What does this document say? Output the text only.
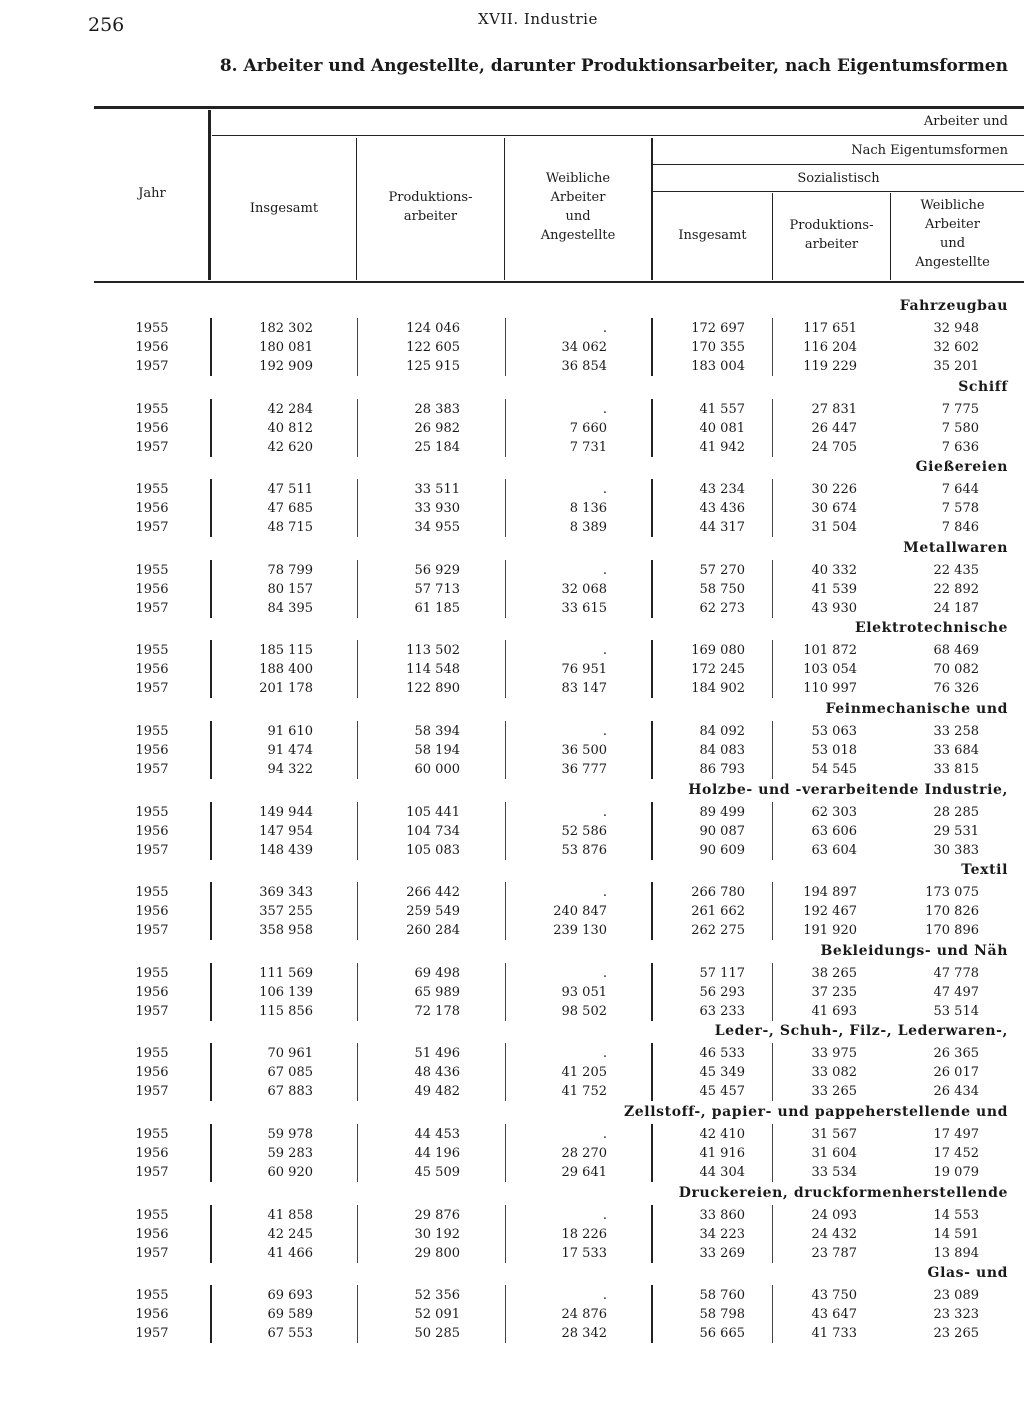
256	XVII. Industrie
8. Arbeiter und Angestellte, darunter Produktionsarbeiter, nach Eigentumsformen
Jahr
Arbeiter und
Nach Eigentumsformen
Sozialistisch
Insgesamt
Produktions-
arbeiter
Weibliche
Arbeiter
und
Angestellte	Insgesamt
Produktions-
arbeiter
Weibliche
Arbeiter
und
Angestellte
Fahrzeugbau
1955	182 302	124 046	.	172 697	117 651	32 948
1956	180 081	122 605	34 062	170 355	116 204	32 602
1957	192 909	125 915	36 854	183 004	119 229	35 201
Schiff
1955	42 284	28 383	.	41 557	27 831	7 775
1956	40 812	26 982	7 660	40 081	26 447	7 580
1957	42 620	25 184	7 731	41 942	24 705	7 636
Gießereien
1955	47 511	33 511	.	43 234	30 226	7 644
1956	47 685	33 930	8 136	43 436	30 674	7 578
1957	48 715	34 955	8 389	44 317	31 504	7 846
Metallwaren
1955	78 799	56 929	.	57 270	40 332	22 435
1956	80 157	57 713	32 068	58 750	41 539	22 892
1957	84 395	61 185	33 615	62 273	43 930	24 187
Elektrotechnische
1955	185 115	113 502	.	169 080	101 872	68 469
1956	188 400	114 548	76 951	172 245	103 054	70 082
1957	201 178	122 890	83 147	184 902	110 997	76 326
Feinmechanische und
1955	91 610	58 394	.	84 092	53 063	33 258
1956	91 474	58 194	36 500	84 083	53 018	33 684
1957	94 322	60 000	36 777	86 793	54 545	33 815
Holzbe- und -verarbeitende Industrie,
1955	149 944	105 441	.	89 499	62 303	28 285
1956	147 954	104 734	52 586	90 087	63 606	29 531
1957	148 439	105 083	53 876	90 609	63 604	30 383
Textil
1955	369 343	266 442	.	266 780	194 897	173 075
1956	357 255	259 549	240 847	261 662	192 467	170 826
1957	358 958	260 284	239 130	262 275	191 920	170 896
Bekleidungs- und Näh
1955	111 569	69 498	.	57 117	38 265	47 778
1956	106 139	65 989	93 051	56 293	37 235	47 497
1957	115 856	72 178	98 502	63 233	41 693	53 514
Leder-, Schuh-, Filz-, Lederwaren-,
1955	70 961	51 496	.	46 533	33 975	26 365
1956	67 085	48 436	41 205	45 349	33 082	26 017
1957	67 883	49 482	41 752	45 457	33 265	26 434
Zellstoff-, papier- und pappeherstellende und
1955	59 978	44 453	.	42 410	31 567	17 497
1956	59 283	44 196	28 270	41 916	31 604	17 452
1957	60 920	45 509	29 641	44 304	33 534	19 079
Druckereien, druckformenherstellende
1955	41 858	29 876	.	33 860	24 093	14 553
1956	42 245	30 192	18 226	34 223	24 432	14 591
1957	41 466	29 800	17 533	33 269	23 787	13 894
Glas- und
1955	69 693	52 356	.	58 760	43 750	23 089
1956	69 589	52 091	24 876	58 798	43 647	23 323
1957	67 553	50 285	28 342	56 665	41 733	23 265
